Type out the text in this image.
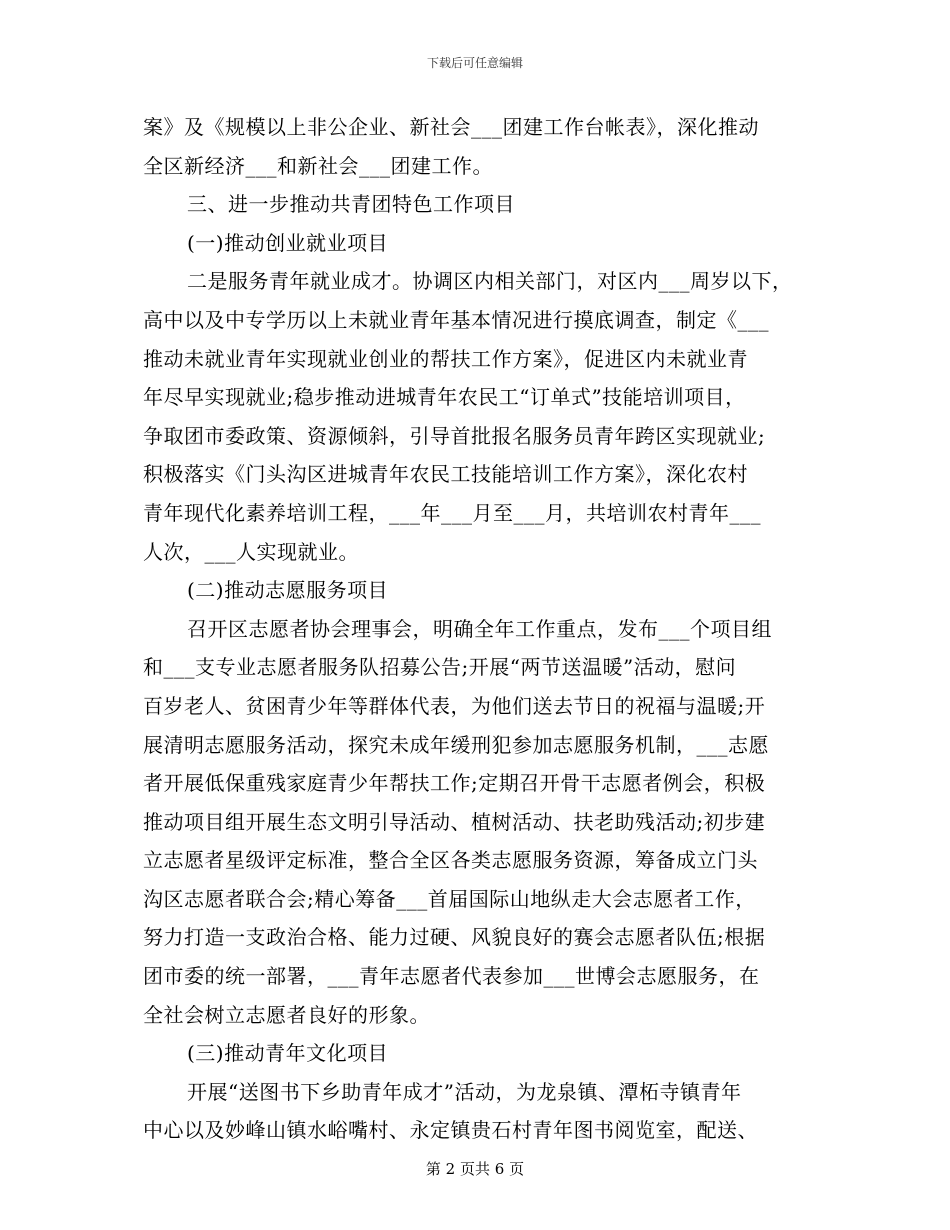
下载后可任意编辑
案》及《规模以上非公企业、新社会___团建工作台帐表》，深化推动
全区新经济___和新社会___团建工作。
三、进一步推动共青团特色工作项目
(一)推动创业就业项目
二是服务青年就业成才。协调区内相关部门，对区内___周岁以下，
高中以及中专学历以上未就业青年基本情况进行摸底调查，制定《___
推动未就业青年实现就业创业的帮扶工作方案》，促进区内未就业青
年尽早实现就业;稳步推动进城青年农民工“订单式”技能培训项目，
争取团市委政策、资源倾斜，引导首批报名服务员青年跨区实现就业;
积极落实《门头沟区进城青年农民工技能培训工作方案》，深化农村
青年现代化素养培训工程，___年___月至___月，共培训农村青年___
人次，___人实现就业。
(二)推动志愿服务项目
召开区志愿者协会理事会，明确全年工作重点，发布___个项目组
和___支专业志愿者服务队招募公告;开展“两节送温暖”活动，慰问
百岁老人、贫困青少年等群体代表，为他们送去节日的祝福与温暖;开
展清明志愿服务活动，探究未成年缓刑犯参加志愿服务机制，___志愿
者开展低保重残家庭青少年帮扶工作;定期召开骨干志愿者例会，积极
推动项目组开展生态文明引导活动、植树活动、扶老助残活动;初步建
立志愿者星级评定标准，整合全区各类志愿服务资源，筹备成立门头
沟区志愿者联合会;精心筹备___首届国际山地纵走大会志愿者工作，
努力打造一支政治合格、能力过硬、风貌良好的赛会志愿者队伍;根据
团市委的统一部署，___青年志愿者代表参加___世博会志愿服务，在
全社会树立志愿者良好的形象。
(三)推动青年文化项目
开展“送图书下乡助青年成才”活动，为龙泉镇、潭柘寺镇青年
中心以及妙峰山镇水峪嘴村、永定镇贵石村青年图书阅览室，配送、
第 2 页共 6 页
